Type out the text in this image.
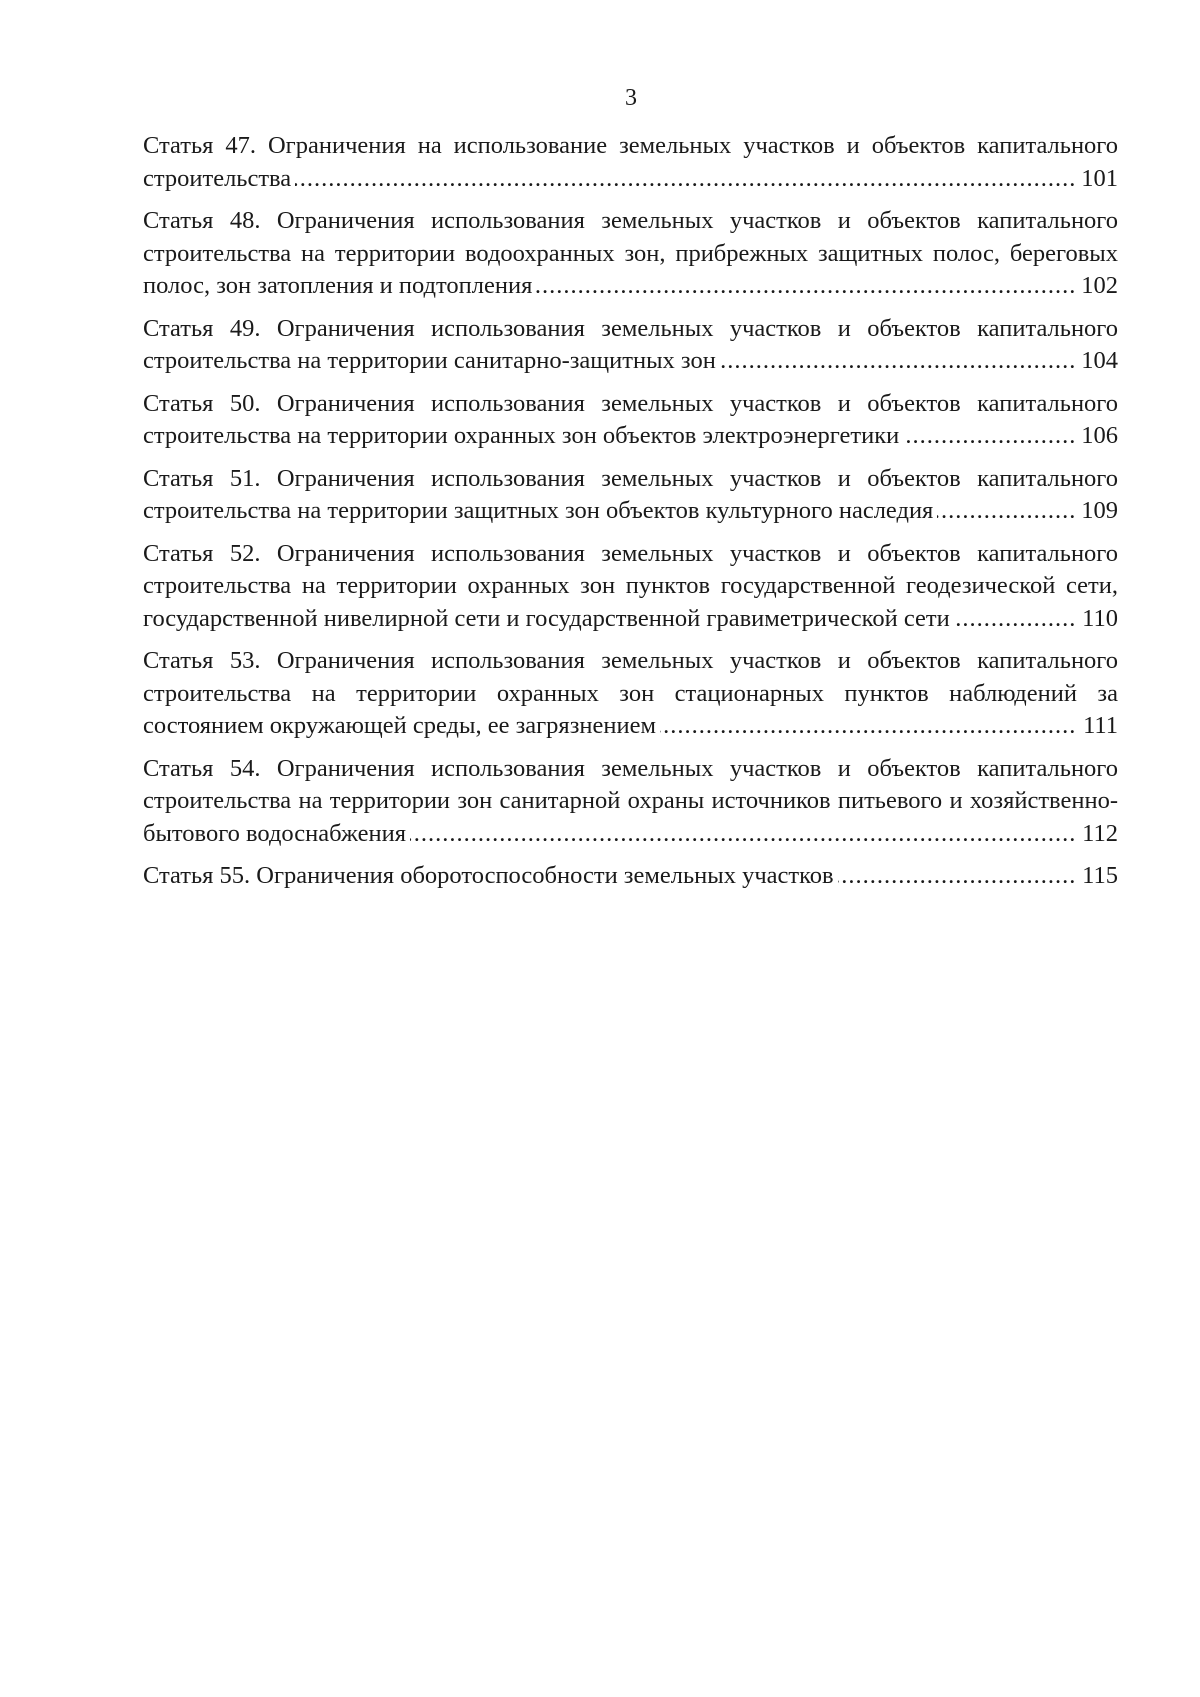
3
.....
Статья 47. Ограничения на использование земельных участков и объектов капитального строительства	101
.....
Статья 48. Ограничения использования земельных участков и объектов капитального строительства на территории водоохранных зон, прибрежных защитных полос, береговых полос, зон затопления и подтопления	102
.....
Статья 49. Ограничения использования земельных участков и объектов капитального строительства на территории санитарно-защитных зон	104
.....
Статья 50. Ограничения использования земельных участков и объектов капитального строительства на территории охранных зон объектов электроэнергетики	106
.....
Статья 51. Ограничения использования земельных участков и объектов капитального строительства на территории защитных зон объектов культурного наследия	109
.....
Статья 52. Ограничения использования земельных участков и объектов капитального строительства на территории охранных зон пунктов государственной геодезической сети, государственной нивелирной сети и государственной гравиметрической сети	110
.....
Статья 53. Ограничения использования земельных участков и объектов капитального строительства на территории охранных зон стационарных пунктов наблюдений за состоянием окружающей среды, ее загрязнением	111
.....
Статья 54. Ограничения использования земельных участков и объектов капитального строительства на территории зон санитарной охраны источников питьевого и хозяйственно-бытового водоснабжения	112
.....
Статья 55. Ограничения оборотоспособности земельных участков	115
